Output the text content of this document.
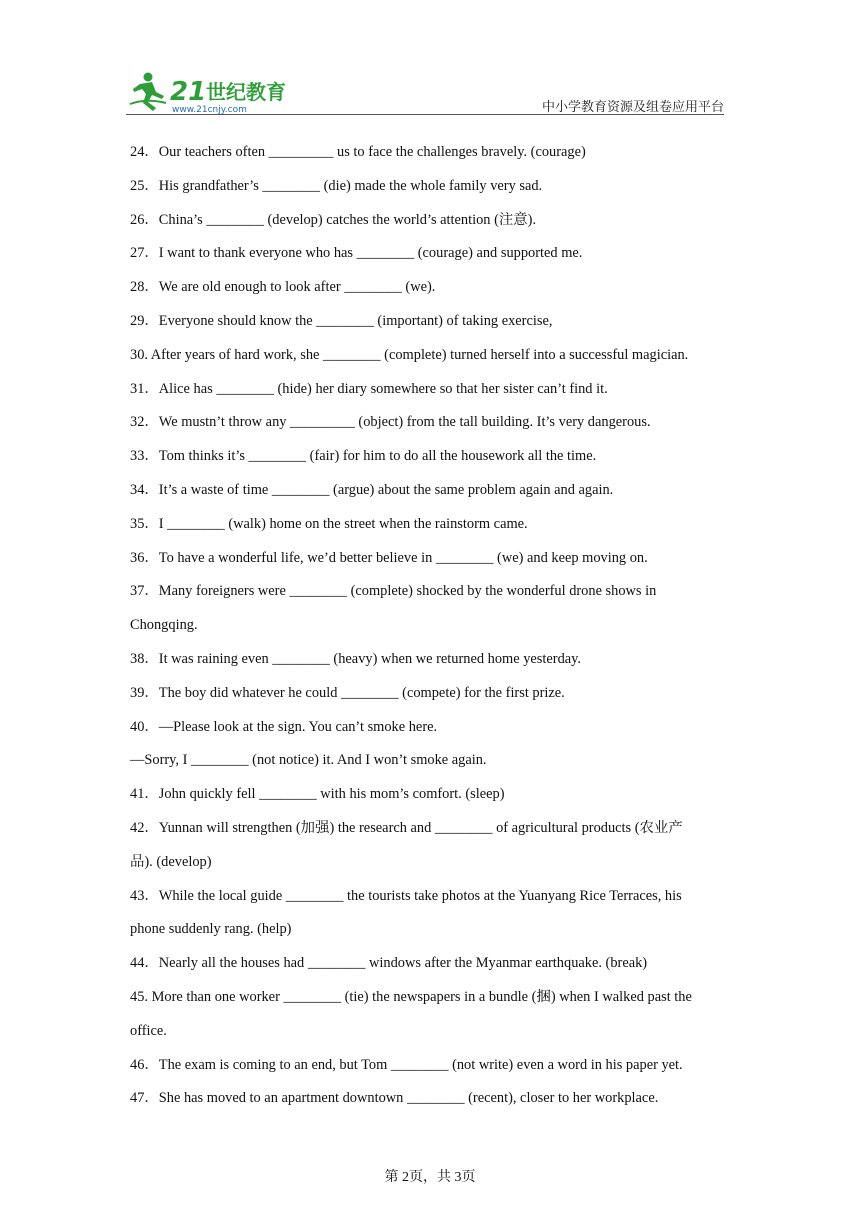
21 世纪教育
www.21cnjy.com	中小学教育资源及组卷应用平台
24．Our teachers often _________ us to face the challenges bravely. (courage)
25．His grandfather’s ________ (die) made the whole family very sad.
26．China’s ________ (develop) catches the world’s attention (注意).
27．I want to thank everyone who has ________ (courage) and supported me.
28．We are old enough to look after ________ (we).
29．Everyone should know the ________ (important) of taking exercise,
30. After years of hard work, she ________ (complete) turned herself into a successful magician.
31．Alice has ________ (hide) her diary somewhere so that her sister can’t find it.
32．We mustn’t throw any _________ (object) from the tall building. It’s very dangerous.
33．Tom thinks it’s ________ (fair) for him to do all the housework all the time.
34．It’s a waste of time ________ (argue) about the same problem again and again.
35．I ________ (walk) home on the street when the rainstorm came.
36．To have a wonderful life, we’d better believe in ________ (we) and keep moving on.
37．Many foreigners were ________ (complete) shocked by the wonderful drone shows in
Chongqing.
38．It was raining even ________ (heavy) when we returned home yesterday.
39．The boy did whatever he could ________ (compete) for the first prize.
40．—Please look at the sign. You can’t smoke here.
—Sorry, I ________ (not notice) it. And I won’t smoke again.
41．John quickly fell ________ with his mom’s comfort. (sleep)
42．Yunnan will strengthen (加强) the research and ________ of agricultural products (农业产
品). (develop)
43．While the local guide ________ the tourists take photos at the Yuanyang Rice Terraces, his
phone suddenly rang. (help)
44．Nearly all the houses had ________ windows after the Myanmar earthquake. (break)
45. More than one worker ________ (tie) the newspapers in a bundle (捆) when I walked past the
office.
46．The exam is coming to an end, but Tom ________ (not write) even a word in his paper yet.
47．She has moved to an apartment downtown ________ (recent), closer to her workplace.
第 2页，共 3页
